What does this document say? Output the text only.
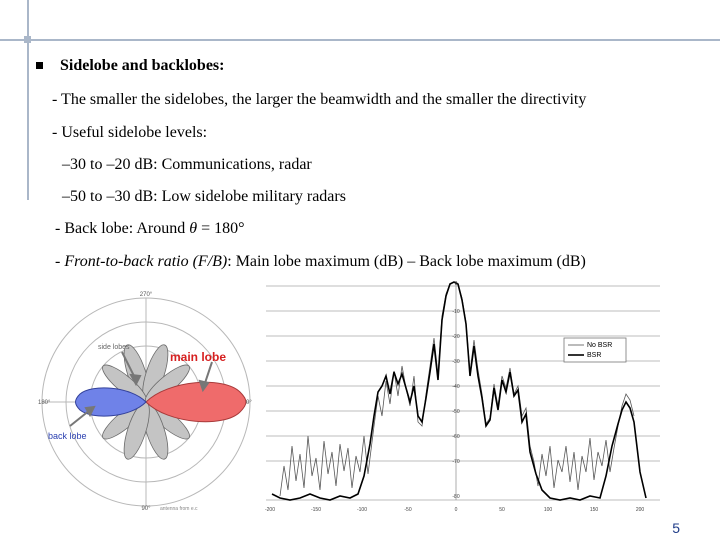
Sidelobe and backlobes:
- The smaller the sidelobes, the larger the beamwidth and the smaller the directivity
- Useful sidelobe levels:
–30 to –20 dB: Communications, radar
–50 to –30 dB: Low sidelobe military radars
- Back lobe: Around θ = 180°
- Front-to-back ratio (F/B): Main lobe maximum (dB) – Back lobe maximum (dB)
270°
180°	0°
90°
side lobes
main lobe
back lobe
antenna from e.c
No BSR
BSR
0
-10
-20
-30
-40
-50
-60
-70
-80
-200	-150	-100	-50	0	50	100	150	200
5
